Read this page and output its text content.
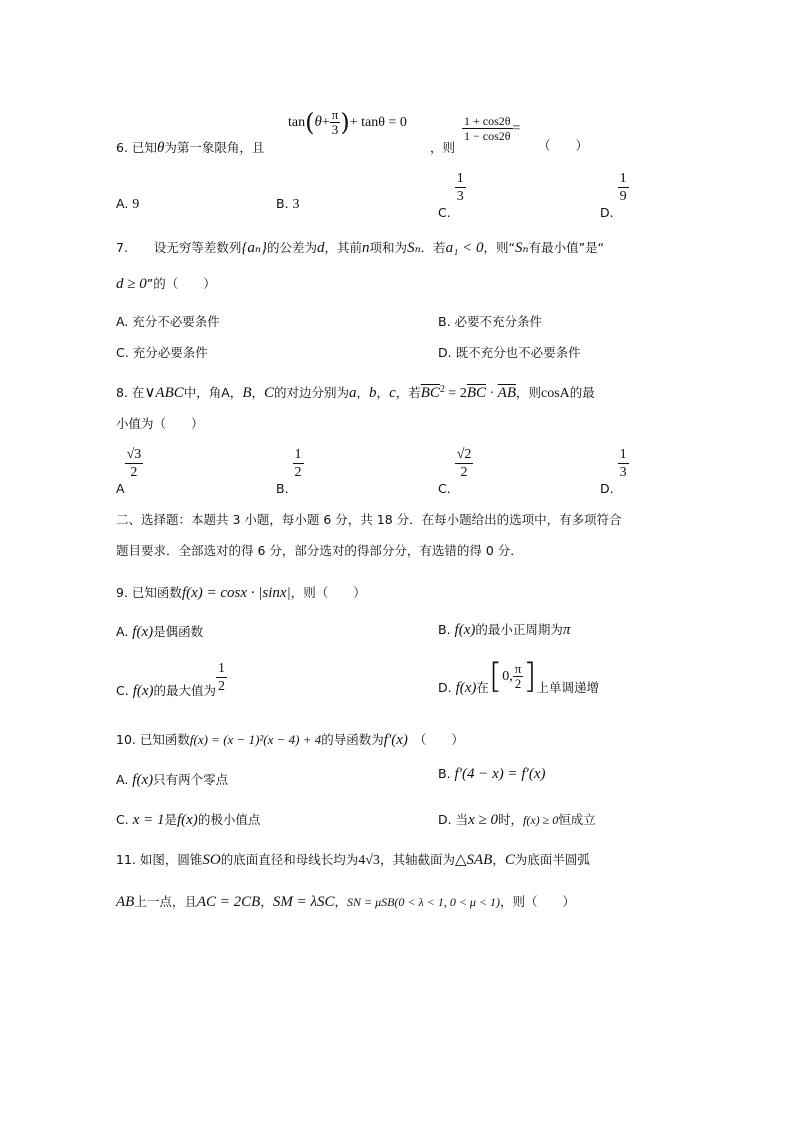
$\tan(\theta+ \frac{\pi}{3}$ )+ tanθ = 0	$\frac{1 + \cos 2\theta}{1 - \cos 2\theta}$ =
6. 已知θ为第一象限角，且	，则	（　　）
A. 9	B. 3
C.
$\frac{1}{3}$
D.
$\frac{1}{9}$
7. 设无穷等差数列{aₙ}的公差为d，其前n项和为Sₙ．若a₁ < 0，则“Sₙ有最小值”是“
d ≥ 0”的（　　）
A. 充分不必要条件	B. 必要不充分条件
C. 充分必要条件	D. 既不充分也不必要条件
8. 在∨ABC中，角A，B，C的对边分别为a，b，c，若$\overline{BC}^2 = 2\overline{BC} \cdot \overline{AB}$，则cosA的最
小值为（　　）
A
$\frac{√3}{2}$
B.
$\frac{1}{2}$
C.
$\frac{√2}{2}$
D.
$\frac{1}{3}$
二、选择题：本题共 3 小题，每小题 6 分，共 18 分．在每小题给出的选项中，有多项符合
题目要求．全部选对的得 6 分，部分选对的得部分分，有选错的得 0 分．
9. 已知函数f(x) = cosx · |sinx|，则（　　）
A. f(x)是偶函数	B. f(x)的最小正周期为π
C. f(x)的最大值为 $\frac{1}{2}$	D. f(x)在[0, $\frac{\pi}{2}$ ]上单调递增
10. 已知函数f(x) = (x − 1)²(x − 4) + 4的导函数为f′(x) （　　）
A. f(x)只有两个零点	B. f′(4 − x) = f′(x)
C. x = 1是f(x)的极小值点	D. 当x ≥ 0时，f(x) ≥ 0恒成立
11. 如图，圆锥SO的底面直径和母线长均为4√3，其轴截面为△SAB，C为底面半圆弧
AB上一点，且AC = 2CB，SM = λSC，SN = μSB(0 < λ < 1, 0 < μ < 1)，则（　　）
